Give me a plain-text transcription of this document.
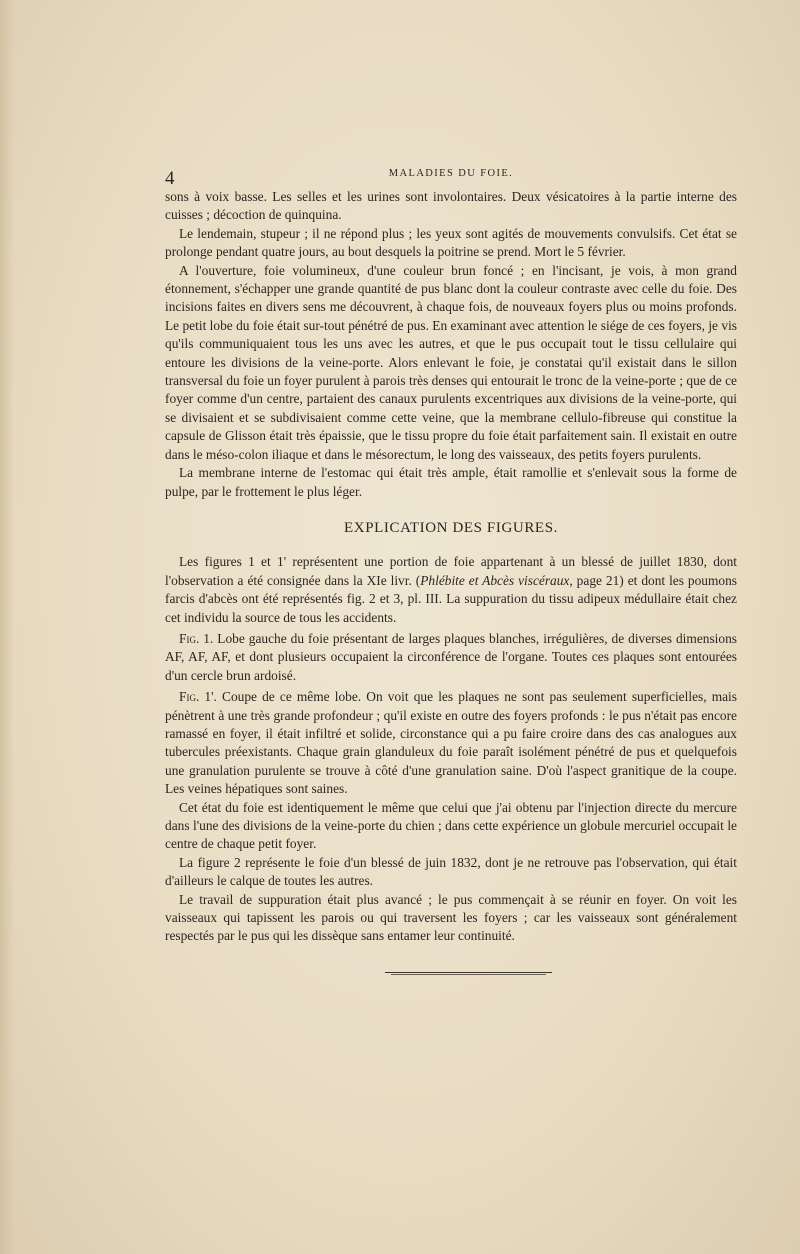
4	MALADIES DU FOIE.

sons à voix basse. Les selles et les urines sont involontaires. Deux vésicatoires à la partie interne des cuisses ; décoction de quinquina.

Le lendemain, stupeur ; il ne répond plus ; les yeux sont agités de mouvements convulsifs. Cet état se prolonge pendant quatre jours, au bout desquels la poitrine se prend. Mort le 5 février.

A l'ouverture, foie volumineux, d'une couleur brun foncé ; en l'incisant, je vois, à mon grand étonnement, s'échapper une grande quantité de pus blanc dont la couleur contraste avec celle du foie. Des incisions faites en divers sens me découvrent, à chaque fois, de nouveaux foyers plus ou moins profonds. Le petit lobe du foie était sur-tout pénétré de pus. En examinant avec attention le siége de ces foyers, je vis qu'ils communiquaient tous les uns avec les autres, et que le pus occupait tout le tissu cellulaire qui entoure les divisions de la veine-porte. Alors enlevant le foie, je constatai qu'il existait dans le sillon transversal du foie un foyer purulent à parois très denses qui entourait le tronc de la veine-porte ; que de ce foyer comme d'un centre, partaient des canaux purulents excentriques aux divisions de la veine-porte, qui se divisaient et se subdivisaient comme cette veine, que la membrane cellulo-fibreuse qui constitue la capsule de Glisson était très épaissie, que le tissu propre du foie était parfaitement sain. Il existait en outre dans le méso-colon iliaque et dans le mésorectum, le long des vaisseaux, des petits foyers purulents.

La membrane interne de l'estomac qui était très ample, était ramollie et s'enlevait sous la forme de pulpe, par le frottement le plus léger.

EXPLICATION DES FIGURES.

Les figures 1 et 1' représentent une portion de foie appartenant à un blessé de juillet 1830, dont l'observation a été consignée dans la XIe livr. (Phlébite et Abcès viscéraux, page 21) et dont les poumons farcis d'abcès ont été représentés fig. 2 et 3, pl. III. La suppuration du tissu adipeux médullaire était chez cet individu la source de tous les accidents.

Fig. 1. Lobe gauche du foie présentant de larges plaques blanches, irrégulières, de diverses dimensions AF, AF, AF, et dont plusieurs occupaient la circonférence de l'organe. Toutes ces plaques sont entourées d'un cercle brun ardoisé.

Fig. 1'. Coupe de ce même lobe. On voit que les plaques ne sont pas seulement superficielles, mais pénètrent à une très grande profondeur ; qu'il existe en outre des foyers profonds : le pus n'était pas encore ramassé en foyer, il était infiltré et solide, circonstance qui a pu faire croire dans des cas analogues aux tubercules préexistants. Chaque grain glanduleux du foie paraît isolément pénétré de pus et quelquefois une granulation purulente se trouve à côté d'une granulation saine. D'où l'aspect granitique de la coupe. Les veines hépatiques sont saines.

Cet état du foie est identiquement le même que celui que j'ai obtenu par l'injection directe du mercure dans l'une des divisions de la veine-porte du chien ; dans cette expérience un globule mercuriel occupait le centre de chaque petit foyer.

La figure 2 représente le foie d'un blessé de juin 1832, dont je ne retrouve pas l'observation, qui était d'ailleurs le calque de toutes les autres.

Le travail de suppuration était plus avancé ; le pus commençait à se réunir en foyer. On voit les vaisseaux qui tapissent les parois ou qui traversent les foyers ; car les vaisseaux sont généralement respectés par le pus qui les dissèque sans entamer leur continuité.
